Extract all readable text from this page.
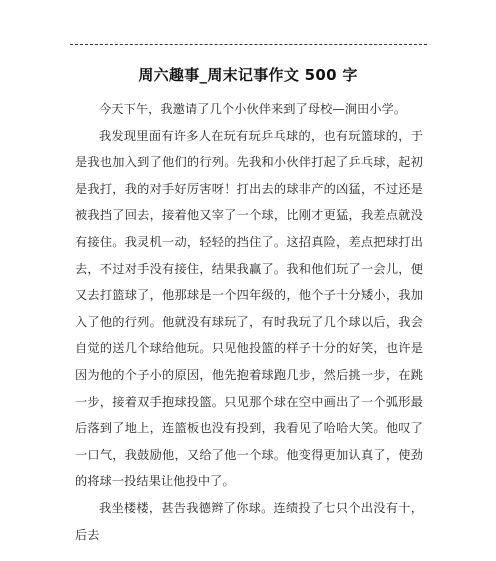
周六趣事_周末记事作文 500 字

今天下午，我邀请了几个小伙伴来到了母校—涧田小学。

我发现里面有许多人在玩有玩乒乓球的，也有玩篮球的，于是我也加入到了他们的行列。先我和小伙伴打起了乒乓球，起初是我打，我的对手好厉害呀！打出去的球非产的凶猛，不过还是被我挡了回去，接着他又宰了一个球，比刚才更猛，我差点就没有接住。我灵机一动，轻轻的挡住了。这招真险，差点把球打出去，不过对手没有接住，结果我赢了。我和他们玩了一会儿，便又去打篮球了，他那球是一个四年级的，他个子十分矮小，我加入了他的行列。他就没有球玩了，有时我玩了几个球以后，我会自觉的送几个球给他玩。只见他投篮的样子十分的好笑，也许是因为他的个子小的原因，他先抱着球跑几步，然后挑一步，在跳一步，接着双手抱球投篮。只见那个球在空中画出了一个弧形最后落到了地上，连篮板也没有投到，我看见了哈哈大笑。他叹了一口气，我鼓励他，又给了他一个球。他变得更加认真了，使劲的将球一投结果让他投中了。

我坐楼楼，甚告我德辫了你球。连绩投了七只个出没有十，后去
